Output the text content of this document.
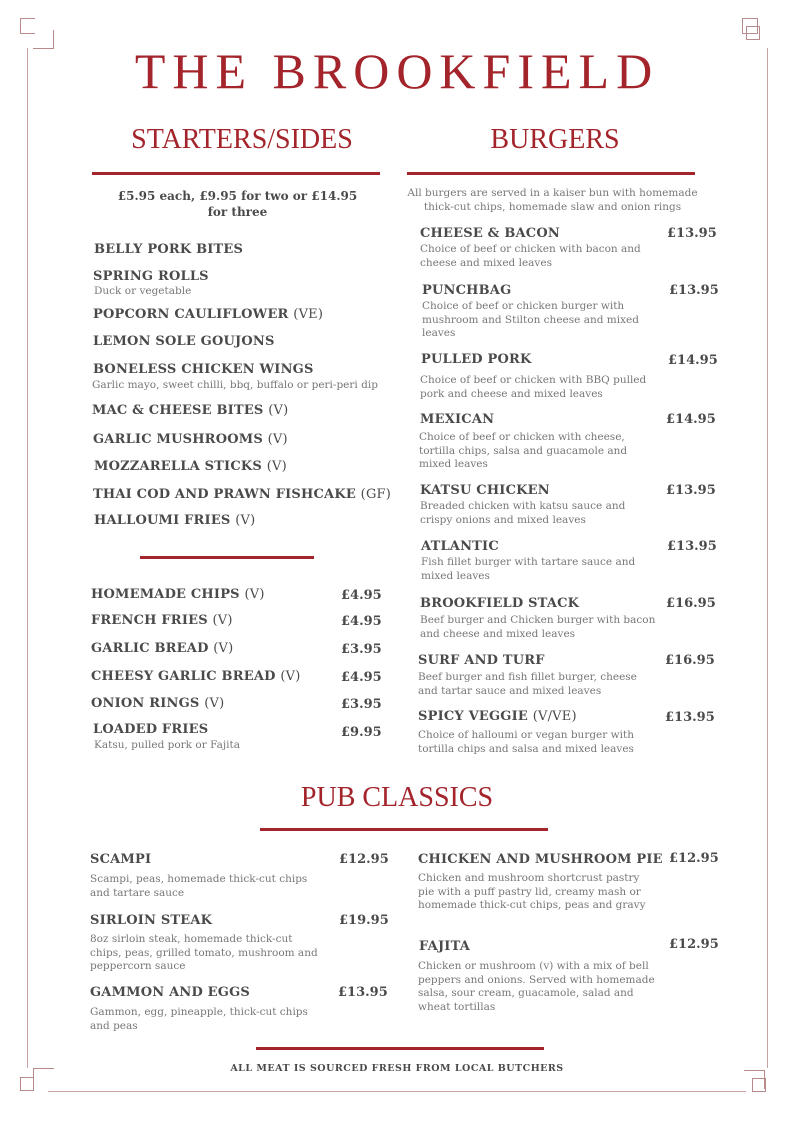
THE BROOKFIELD
STARTERS/SIDES
£5.95 each, £9.95 for two or £14.95 for three
BELLY PORK BITES
SPRING ROLLS
Duck or vegetable
POPCORN CAULIFLOWER (VE)
LEMON SOLE GOUJONS
BONELESS CHICKEN WINGS
Garlic mayo, sweet chilli, bbq, buffalo or peri-peri dip
MAC & CHEESE BITES (V)
GARLIC MUSHROOMS (V)
MOZZARELLA STICKS (V)
THAI COD AND PRAWN FISHCAKE (GF)
HALLOUMI FRIES (V)
HOMEMADE CHIPS (V)	£4.95
FRENCH FRIES (V)	£4.95
GARLIC BREAD (V)	£3.95
CHEESY GARLIC BREAD (V)	£4.95
ONION RINGS (V)	£3.95
LOADED FRIES	£9.95
Katsu, pulled pork or Fajita
BURGERS
All burgers are served in a kaiser bun with homemade thick-cut chips, homemade slaw and onion rings
CHEESE & BACON	£13.95
Choice of beef or chicken with bacon and cheese and mixed leaves
PUNCHBAG	£13.95
Choice of beef or chicken burger with mushroom and Stilton cheese and mixed leaves
PULLED PORK	£14.95
Choice of beef or chicken with BBQ pulled pork and cheese and mixed leaves
MEXICAN	£14.95
Choice of beef or chicken with cheese, tortilla chips, salsa and guacamole and mixed leaves
KATSU CHICKEN	£13.95
Breaded chicken with katsu sauce and crispy onions and mixed leaves
ATLANTIC	£13.95
Fish fillet burger with tartare sauce and mixed leaves
BROOKFIELD STACK	£16.95
Beef burger and Chicken burger with bacon and cheese and mixed leaves
SURF AND TURF	£16.95
Beef burger and fish fillet burger, cheese and tartar sauce and mixed leaves
SPICY VEGGIE (V/VE)	£13.95
Choice of halloumi or vegan burger with tortilla chips and salsa and mixed leaves
PUB CLASSICS
SCAMPI	£12.95
Scampi, peas, homemade thick-cut chips and tartare sauce
SIRLOIN STEAK	£19.95
8oz sirloin steak, homemade thick-cut chips, peas, grilled tomato, mushroom and peppercorn sauce
GAMMON AND EGGS	£13.95
Gammon, egg, pineapple, thick-cut chips and peas
CHICKEN AND MUSHROOM PIE £12.95
Chicken and mushroom shortcrust pastry pie with a puff pastry lid, creamy mash or homemade thick-cut chips, peas and gravy
FAJITA	£12.95
Chicken or mushroom (v) with a mix of bell peppers and onions. Served with homemade salsa, sour cream, guacamole, salad and wheat tortillas
ALL MEAT IS SOURCED FRESH FROM LOCAL BUTCHERS
